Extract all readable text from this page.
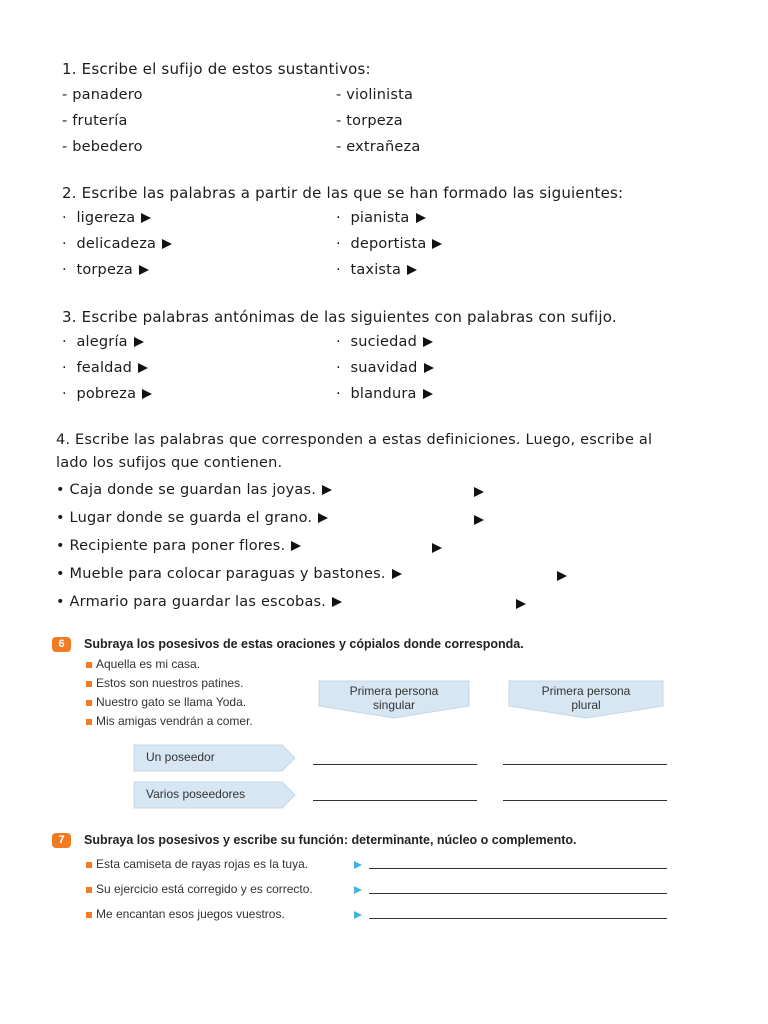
1. Escribe el sufijo de estos sustantivos:
- panadero
- frutería
- bebedero
- violinista
- torpeza
- extrañeza
2. Escribe las palabras a partir de las que se han formado las siguientes:
·  ligereza
·  delicadeza
·  torpeza
·  pianista
·  deportista
·  taxista
3. Escribe palabras antónimas de las siguientes con palabras con sufijo.
·  alegría
·  fealdad
·  pobreza
·  suciedad
·  suavidad
·  blandura
4. Escribe las palabras que corresponden a estas definiciones. Luego, escribe al
lado los sufijos que contienen.
• Caja donde se guardan las joyas.
• Lugar donde se guarda el grano.
• Recipiente para poner flores.
• Mueble para colocar paraguas y bastones.
• Armario para guardar las escobas.
6	Subraya los posesivos de estas oraciones y cópialos donde corresponda.
Aquella es mi casa.
Estos son nuestros patines.
Nuestro gato se llama Yoda.
Mis amigas vendrán a comer.
Primera persona
singular
Primera persona
plural
Un poseedor
Varios poseedores
7	Subraya los posesivos y escribe su función: determinante, núcleo o complemento.
Esta camiseta de rayas rojas es la tuya.
Su ejercicio está corregido y es correcto.
Me encantan esos juegos vuestros.
